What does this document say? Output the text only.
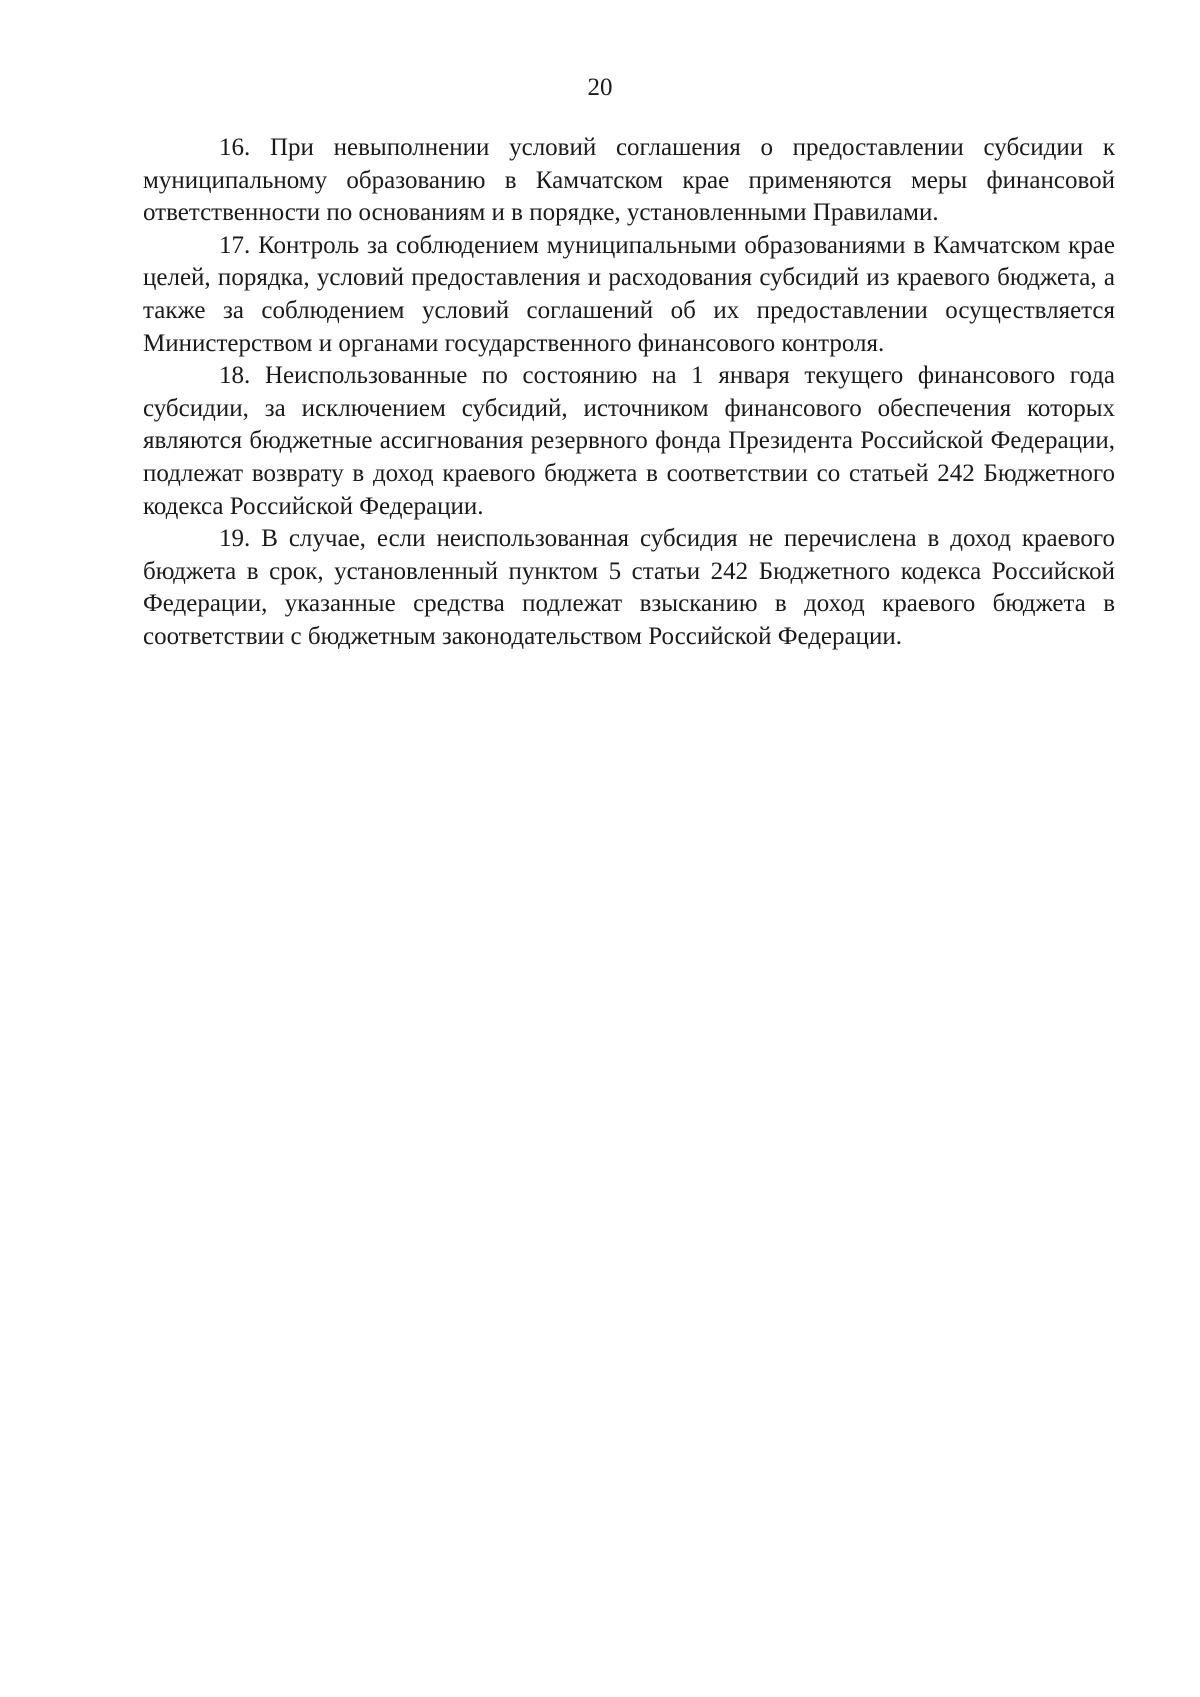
20

16. При невыполнении условий соглашения о предоставлении субсидии к муниципальному образованию в Камчатском крае применяются меры финансовой ответственности по основаниям и в порядке, установленными Правилами.

17. Контроль за соблюдением муниципальными образованиями в Камчатском крае целей, порядка, условий предоставления и расходования субсидий из краевого бюджета, а также за соблюдением условий соглашений об их предоставлении осуществляется Министерством и органами государственного финансового контроля.

18. Неиспользованные по состоянию на 1 января текущего финансового года субсидии, за исключением субсидий, источником финансового обеспечения которых являются бюджетные ассигнования резервного фонда Президента Российской Федерации, подлежат возврату в доход краевого бюджета в соответствии со статьей 242 Бюджетного кодекса Российской Федерации.

19. В случае, если неиспользованная субсидия не перечислена в доход краевого бюджета в срок, установленный пунктом 5 статьи 242 Бюджетного кодекса Российской Федерации, указанные средства подлежат взысканию в доход краевого бюджета в соответствии с бюджетным законодательством Российской Федерации.
